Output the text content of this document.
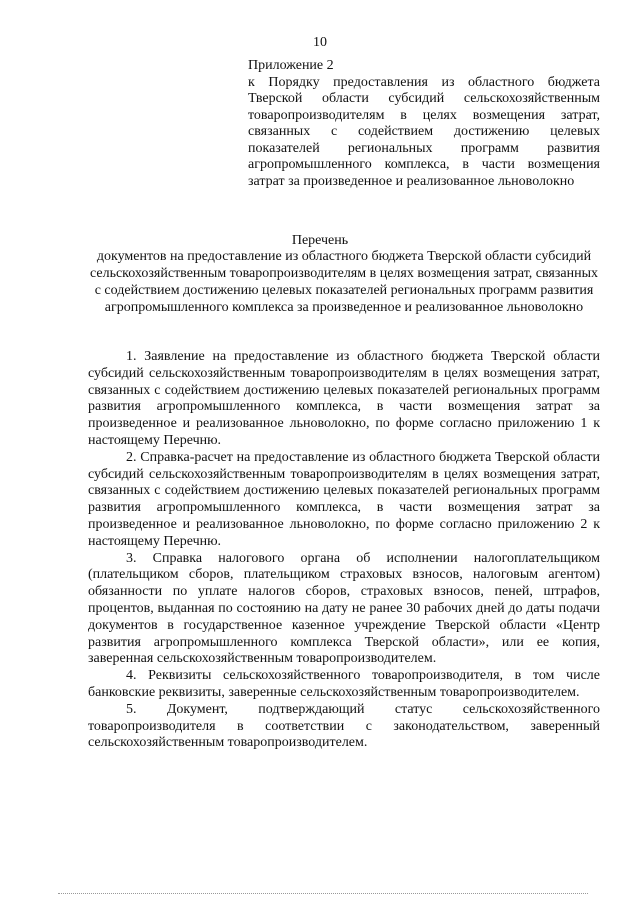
10
Приложение 2
к Порядку предоставления из областного бюджета Тверской области субсидий сельскохозяйственным товаропроизводителям в целях возмещения затрат, связанных с содействием достижению целевых показателей региональных программ развития агропромышленного комплекса, в части возмещения затрат за произведенное и реализованное льноволокно
Перечень
документов на предоставление из областного бюджета Тверской области субсидий сельскохозяйственным товаропроизводителям в целях возмещения затрат, связанных с содействием достижению целевых показателей региональных программ развития агропромышленного комплекса за произведенное и реализованное льноволокно

1. Заявление на предоставление из областного бюджета Тверской области субсидий сельскохозяйственным товаропроизводителям в целях возмещения затрат, связанных с содействием достижению целевых показателей региональных программ развития агропромышленного комплекса, в части возмещения затрат за произведенное и реализованное льноволокно, по форме согласно приложению 1 к настоящему Перечню.

2. Справка-расчет на предоставление из областного бюджета Тверской области субсидий сельскохозяйственным товаропроизводителям в целях возмещения затрат, связанных с содействием достижению целевых показателей региональных программ развития агропромышленного комплекса, в части возмещения затрат за произведенное и реализованное льноволокно, по форме согласно приложению 2 к настоящему Перечню.

3. Справка налогового органа об исполнении налогоплательщиком (плательщиком сборов, плательщиком страховых взносов, налоговым агентом) обязанности по уплате налогов сборов, страховых взносов, пеней, штрафов, процентов, выданная по состоянию на дату не ранее 30 рабочих дней до даты подачи документов в государственное казенное учреждение Тверской области «Центр развития агропромышленного комплекса Тверской области», или ее копия, заверенная сельскохозяйственным товаропроизводителем.

4. Реквизиты сельскохозяйственного товаропроизводителя, в том числе банковские реквизиты, заверенные сельскохозяйственным товаропроизводителем.

5. Документ, подтверждающий статус сельскохозяйственного товаропроизводителя в соответствии с законодательством, заверенный сельскохозяйственным товаропроизводителем.
